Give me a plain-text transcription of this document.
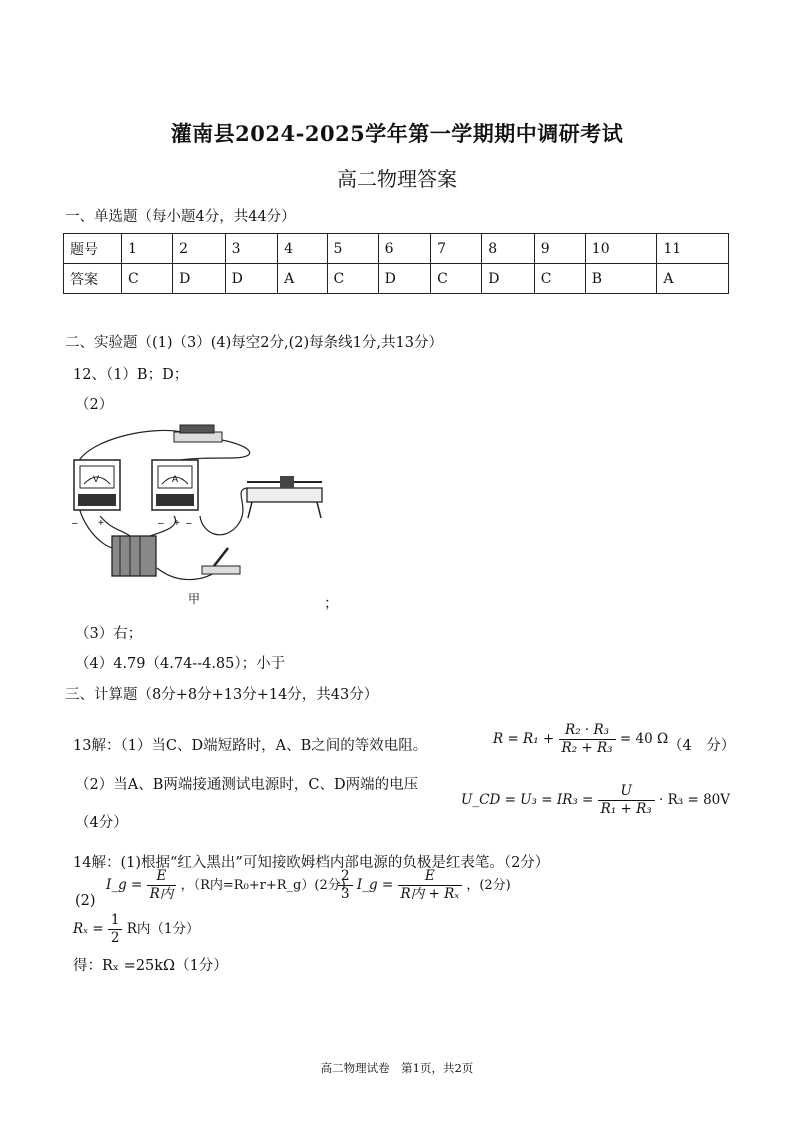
灌南县2024-2025学年第一学期期中调研考试
高二物理答案
一、单选题（每小题4分，共44分）
题号	1	2	3	4	5	6	7	8	9	10	11
答案	C	D	D	A	C	D	C	D	C	B	A
二、实验题（(1)（3）(4)每空2分,(2)每条线1分,共13分）
12、（1）B；D；
（2）
V
– +
A
– + –
甲	；
（3）右；
（4）4.79（4.74--4.85）；小于
三、计算题（8分+8分+13分+14分，共43分）
13解：（1）当C、D端短路时，A、B之间的等效电阻。	$R = R_1 + \frac{\text{R₂ · R₃}}{\text{R₂ + R₃}} = 40$ Ω （4　分）
（2）当A、B两端接通测试电源时，C、D两端的电压
U_CD = $U_3 = IR_3 = \frac{U}{\text{R₁ + R₃}} \cdot R_3 = 80V$
（4分）
14解：(1)根据“红入黑出”可知接欧姆档内部电源的负极是红表笔。（2分）
(2)
I_g = $\frac{E}{\text{R内}}$ ，（R内=R₀+r+R_g）(2分)
$\frac{2}{3}$ I_g = $\frac{E}{\text{R内 + Rₓ}}$ ，(2分)
$R_x = \frac{1}{2}$ R内（1分）
得：Rₓ =25kΩ（1分）
高二物理试卷　第1页，共2页
